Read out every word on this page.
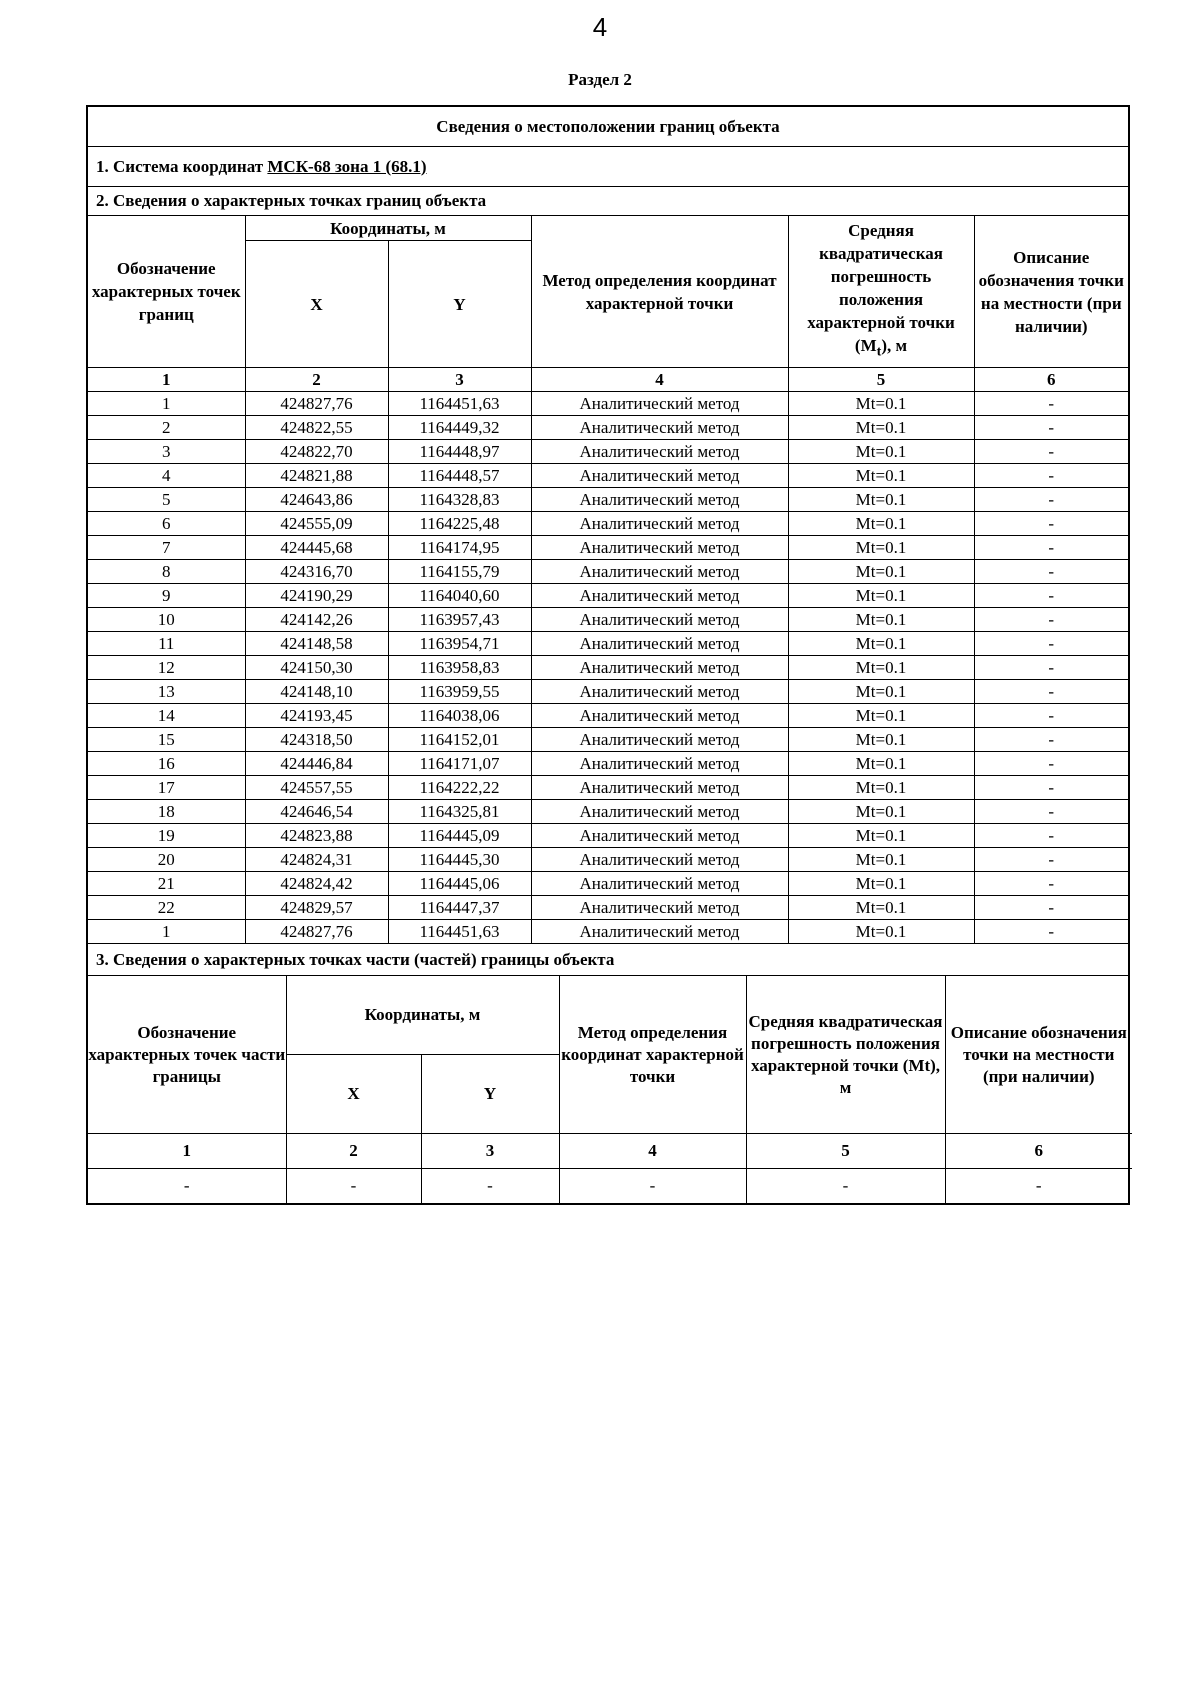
4
Раздел 2
Сведения о местоположении границ объекта
1. Система координат МСК-68 зона 1 (68.1)
2. Сведения о характерных точках границ объекта
Обозначение характерных точек границ	Координаты, м		Метод определения координат характерной точки	Средняя квадратическая погрешность положения характерной точки $(M_t)$, м	Описание обозначения точки на местности (при наличии)
	X	Y			
1	2	3	4	5	6
1	424827,76	1164451,63	Аналитический метод	Mt=0.1	-
2	424822,55	1164449,32	Аналитический метод	Mt=0.1	-
3	424822,70	1164448,97	Аналитический метод	Mt=0.1	-
4	424821,88	1164448,57	Аналитический метод	Mt=0.1	-
5	424643,86	1164328,83	Аналитический метод	Mt=0.1	-
6	424555,09	1164225,48	Аналитический метод	Mt=0.1	-
7	424445,68	1164174,95	Аналитический метод	Mt=0.1	-
8	424316,70	1164155,79	Аналитический метод	Mt=0.1	-
9	424190,29	1164040,60	Аналитический метод	Mt=0.1	-
10	424142,26	1163957,43	Аналитический метод	Mt=0.1	-
11	424148,58	1163954,71	Аналитический метод	Mt=0.1	-
12	424150,30	1163958,83	Аналитический метод	Mt=0.1	-
13	424148,10	1163959,55	Аналитический метод	Mt=0.1	-
14	424193,45	1164038,06	Аналитический метод	Mt=0.1	-
15	424318,50	1164152,01	Аналитический метод	Mt=0.1	-
16	424446,84	1164171,07	Аналитический метод	Mt=0.1	-
17	424557,55	1164222,22	Аналитический метод	Mt=0.1	-
18	424646,54	1164325,81	Аналитический метод	Mt=0.1	-
19	424823,88	1164445,09	Аналитический метод	Mt=0.1	-
20	424824,31	1164445,30	Аналитический метод	Mt=0.1	-
21	424824,42	1164445,06	Аналитический метод	Mt=0.1	-
22	424829,57	1164447,37	Аналитический метод	Mt=0.1	-
1	424827,76	1164451,63	Аналитический метод	Mt=0.1	-
3. Сведения о характерных точках части (частей) границы объекта
Обозначение характерных точек части границы	Координаты, м		Метод определения координат характерной точки	Средняя квадратическая погрешность положения характерной точки (Mt), м	Описание обозначения точки на местности (при наличии)
	X	Y			
1	2	3	4	5	6
-	-	-	-	-	-
